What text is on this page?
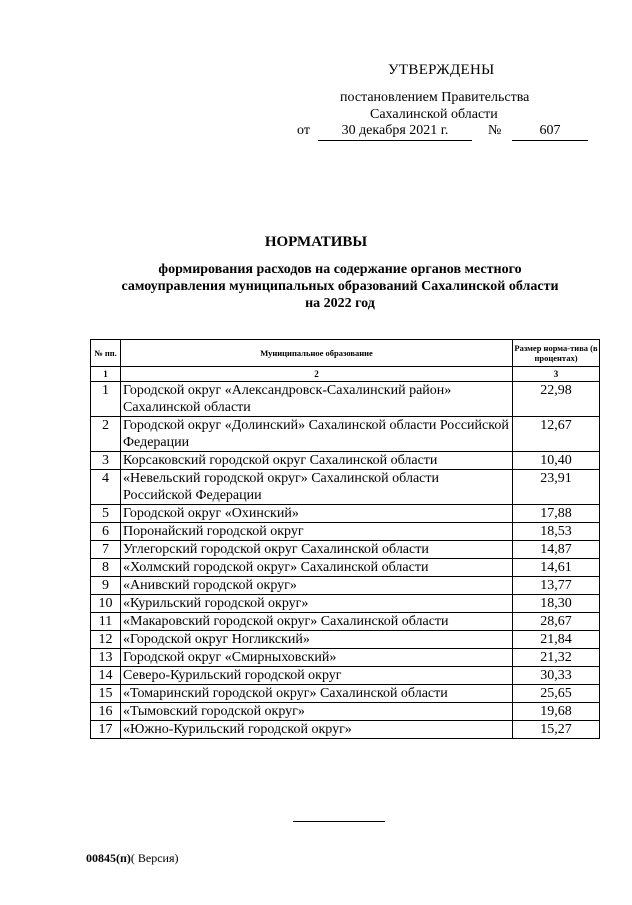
УТВЕРЖДЕНЫ
постановлением Правительства
Сахалинской области
от	30 декабря 2021 г.	№	607
НОРМАТИВЫ
формирования расходов на содержание органов местного
самоуправления муниципальных образований Сахалинской области
на 2022 год
№ пп.	Муниципальное образование	Размер норма-тива (в процентах)
1	2	3
1	Городской округ «Александровск-Сахалинский район» Сахалинской области	22,98
2	Городской округ «Долинский» Сахалинской области Российской Федерации	12,67
3	Корсаковский городской округ Сахалинской области	10,40
4	«Невельский городской округ» Сахалинской области Российской Федерации	23,91
5	Городской округ «Охинский»	17,88
6	Поронайский городской округ	18,53
7	Углегорский городской округ Сахалинской области	14,87
8	«Холмский городской округ» Сахалинской области	14,61
9	«Анивский городской округ»	13,77
10	«Курильский городской округ»	18,30
11	«Макаровский городской округ» Сахалинской области	28,67
12	«Городской округ Ногликский»	21,84
13	Городской округ «Смирныховский»	21,32
14	Северо-Курильский городской округ	30,33
15	«Томаринский городской округ» Сахалинской области	25,65
16	«Тымовский городской округ»	19,68
17	«Южно-Курильский городской округ»	15,27
00845(п)( Версия)
